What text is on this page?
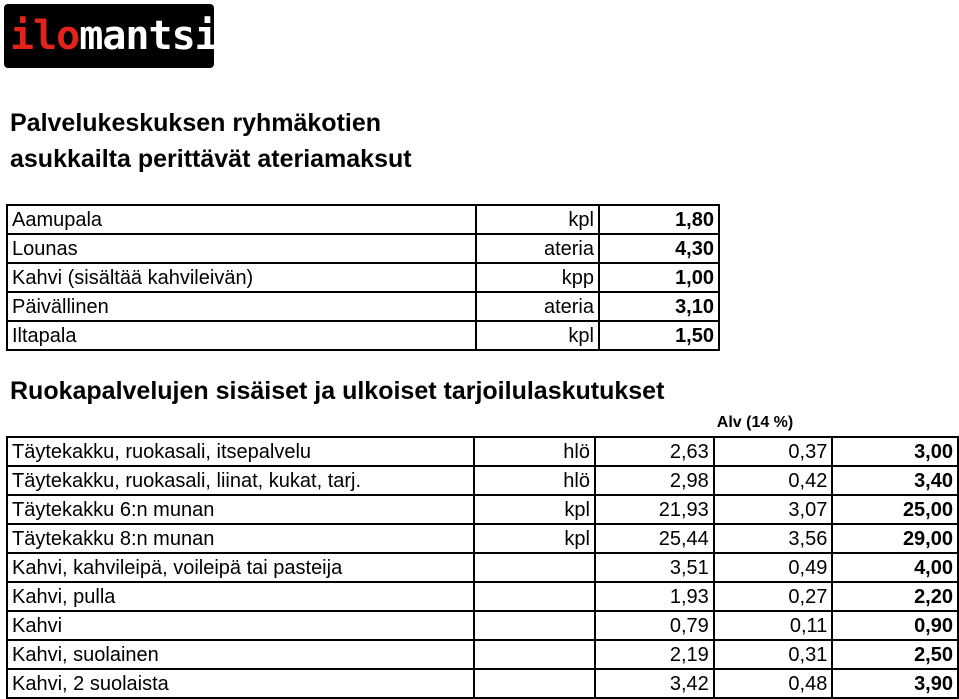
ilomantsi
Palvelukeskuksen ryhmäkotien
asukkailta perittävät ateriamaksut
Aamupala	kpl	1,80
Lounas	ateria	4,30
Kahvi (sisältää kahvileivän)	kpp	1,00
Päivällinen	ateria	3,10
Iltapala	kpl	1,50
Ruokapalvelujen sisäiset ja ulkoiset tarjoilulaskutukset
Alv (14 %)
Täytekakku, ruokasali, itsepalvelu	hlö	2,63	0,37	3,00
Täytekakku, ruokasali, liinat, kukat, tarj.	hlö	2,98	0,42	3,40
Täytekakku 6:n munan	kpl	21,93	3,07	25,00
Täytekakku 8:n munan	kpl	25,44	3,56	29,00
Kahvi, kahvileipä, voileipä tai pasteija		3,51	0,49	4,00
Kahvi, pulla		1,93	0,27	2,20
Kahvi		0,79	0,11	0,90
Kahvi, suolainen		2,19	0,31	2,50
Kahvi, 2 suolaista		3,42	0,48	3,90
